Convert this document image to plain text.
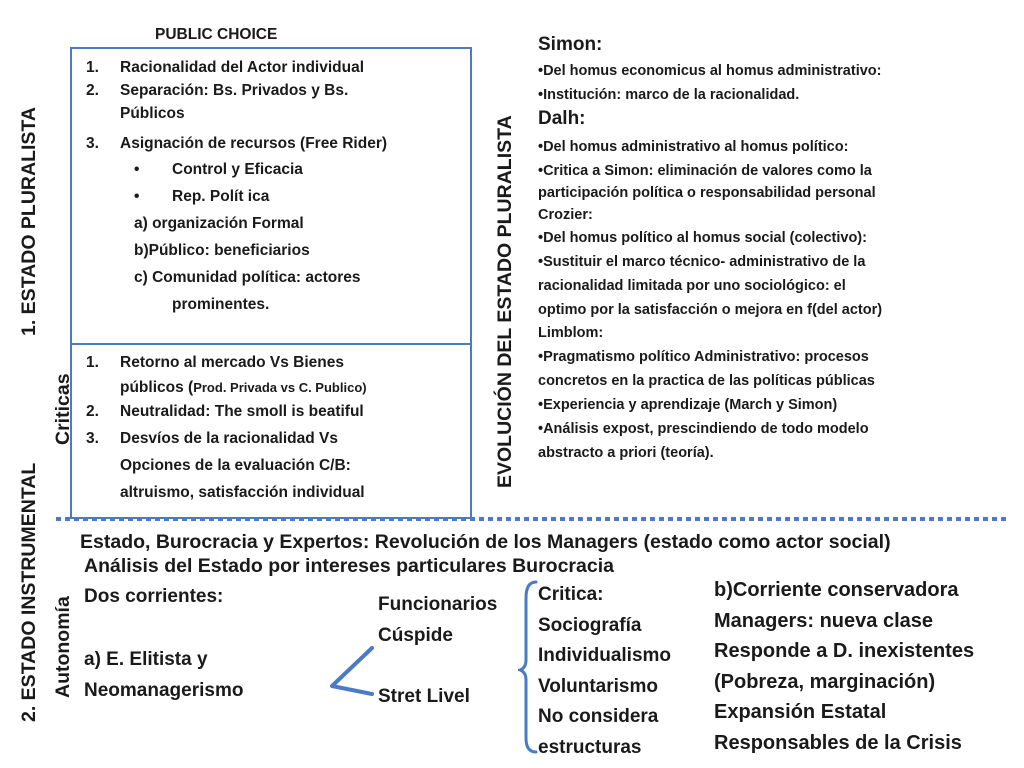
PUBLIC CHOICE
1. ESTADO PLURALISTA
Criticas
2. ESTADO INSTRUMENTAL Autonomía
EVOLUCIÓN DEL ESTADO PLURALISTA
1. Racionalidad del Actor individual
2. Separación: Bs. Privados y Bs.
Públicos
3. Asignación de recursos (Free Rider)
• Control y Eficacia
• Rep. Polít ica
a) organización Formal
b)Público: beneficiarios
c) Comunidad política: actores
prominentes.
1. Retorno al mercado Vs Bienes
públicos (Prod. Privada vs C. Publico)
2. Neutralidad: The smoll is beatiful
3. Desvíos de la racionalidad Vs
Opciones de la evaluación C/B:
altruismo, satisfacción individual
Simon:
•Del homus economicus al homus administrativo:
•Institución: marco de la racionalidad.
Dalh:
•Del homus administrativo al homus político:
•Critica a Simon: eliminación de valores como la
participación política o responsabilidad personal
Crozier:
•Del homus político al homus social (colectivo):
•Sustituir el marco técnico- administrativo de la
racionalidad limitada por uno sociológico: el
optimo por la satisfacción o mejora en f(del actor)
Limblom:
•Pragmatismo político Administrativo: procesos
concretos en la practica de las políticas públicas
•Experiencia y aprendizaje (March y Simon)
•Análisis expost, prescindiendo de todo modelo
abstracto a priori (teoría).
Estado, Burocracia y Expertos: Revolución de los Managers (estado como actor social)
Análisis del Estado por intereses particulares Burocracia
Dos corrientes:
a) E. Elitista y
Neomanagerismo
Funcionarios
Cúspide
Stret Livel
Critica:
Sociografía
Individualismo
Voluntarismo
No considera
estructuras
b)Corriente conservadora
Managers: nueva clase
Responde a D. inexistentes
(Pobreza, marginación)
Expansión Estatal
Responsables de la Crisis
